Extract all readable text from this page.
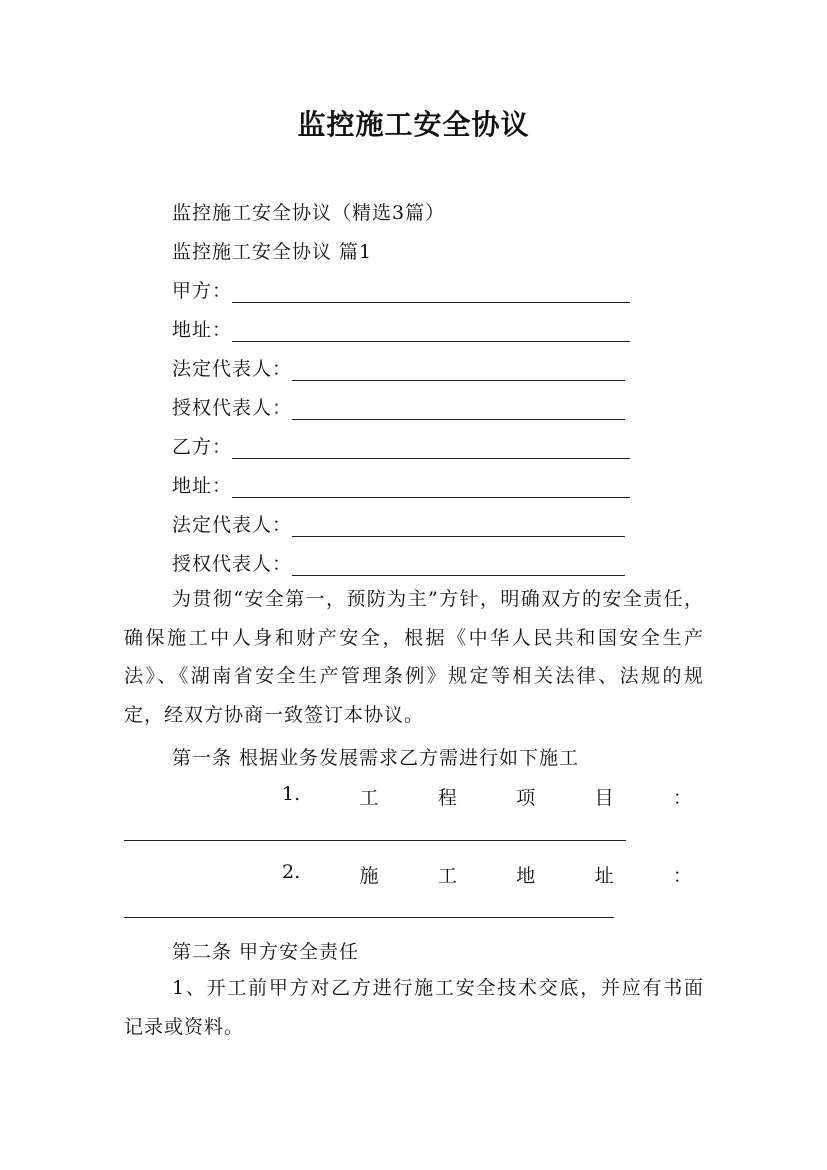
监控施工安全协议
监控施工安全协议（精选3篇）
监控施工安全协议 篇1
甲方：
地址：
法定代表人：
授权代表人：
乙方：
地址：
法定代表人：
授权代表人：
为贯彻“安全第一，预防为主”方针，明确双方的安全责任，确保施工中人身和财产安全，根据《中华人民共和国安全生产法》、《湖南省安全生产管理条例》规定等相关法律、法规的规定，经双方协商一致签订本协议。
第一条 根据业务发展需求乙方需进行如下施工
1.	工	程	项	目	：
2.	施	工	地	址	：
第二条 甲方安全责任
1、开工前甲方对乙方进行施工安全技术交底，并应有书面记录或资料。
